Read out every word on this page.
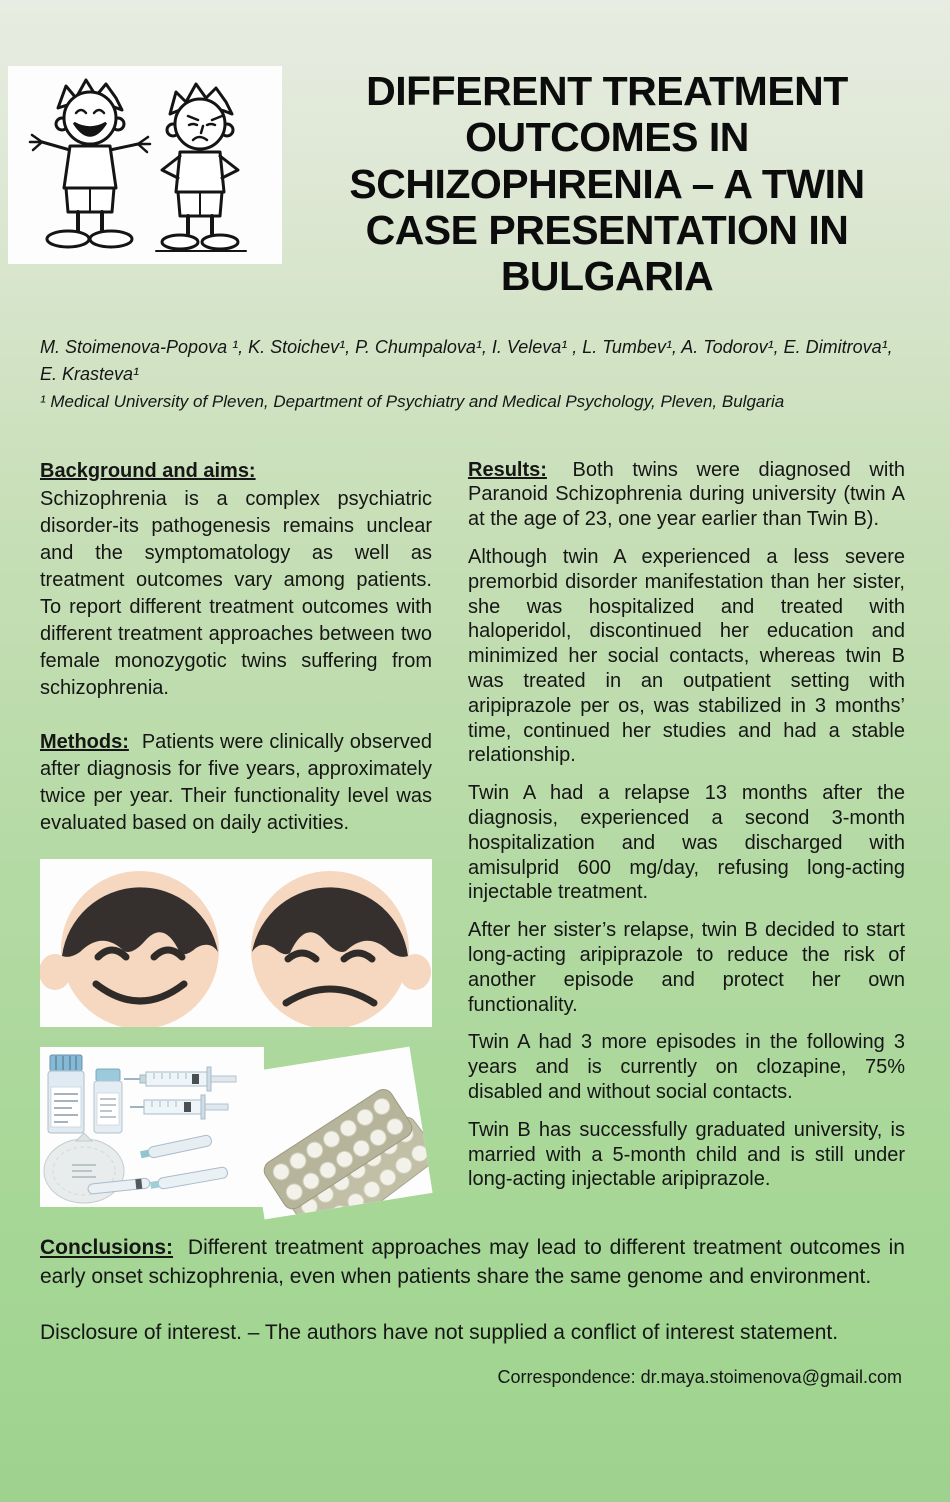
DIFFERENT TREATMENT
OUTCOMES IN
SCHIZOPHRENIA – A TWIN
CASE PRESENTATION IN
BULGARIA
M. Stoimenova-Popova ¹, K. Stoichev¹, P. Chumpalova¹, I. Veleva¹ , L. Tumbev¹, A. Todorov¹, E. Dimitrova¹, E. Krasteva¹
¹ Medical University of Pleven, Department of Psychiatry and Medical Psychology, Pleven, Bulgaria
Background and aims:
Schizophrenia is a complex psychiatric disorder-its pathogenesis remains unclear and the symptomatology as well as treatment outcomes vary among patients. To report different treatment outcomes with different treatment approaches between two female monozygotic twins suffering from schizophrenia.
Methods: Patients were clinically observed after diagnosis for five years, approximately twice per year. Their functionality level was evaluated based on daily activities.

Results: Both twins were diagnosed with Paranoid Schizophrenia during university (twin A at the age of 23, one year earlier than Twin B).

Although twin A experienced a less severe premorbid disorder manifestation than her sister, she was hospitalized and treated with haloperidol, discontinued her education and minimized her social contacts, whereas twin B was treated in an outpatient setting with aripiprazole per os, was stabilized in 3 months’ time, continued her studies and had a stable relationship.

Twin A had a relapse 13 months after the diagnosis, experienced a second 3-month hospitalization and was discharged with amisulprid 600 mg/day, refusing long-acting injectable treatment.

After her sister’s relapse, twin B decided to start long-acting aripiprazole to reduce the risk of another episode and protect her own functionality.

Twin A had 3 more episodes in the following 3 years and is currently on clozapine, 75% disabled and without social contacts.

Twin B has successfully graduated university, is married with a 5-month child and is still under long-acting injectable aripiprazole.

Conclusions: Different treatment approaches may lead to different treatment outcomes in early onset schizophrenia, even when patients share the same genome and environment.
Disclosure of interest. – The authors have not supplied a conflict of interest statement.
Correspondence: dr.maya.stoimenova@gmail.com
